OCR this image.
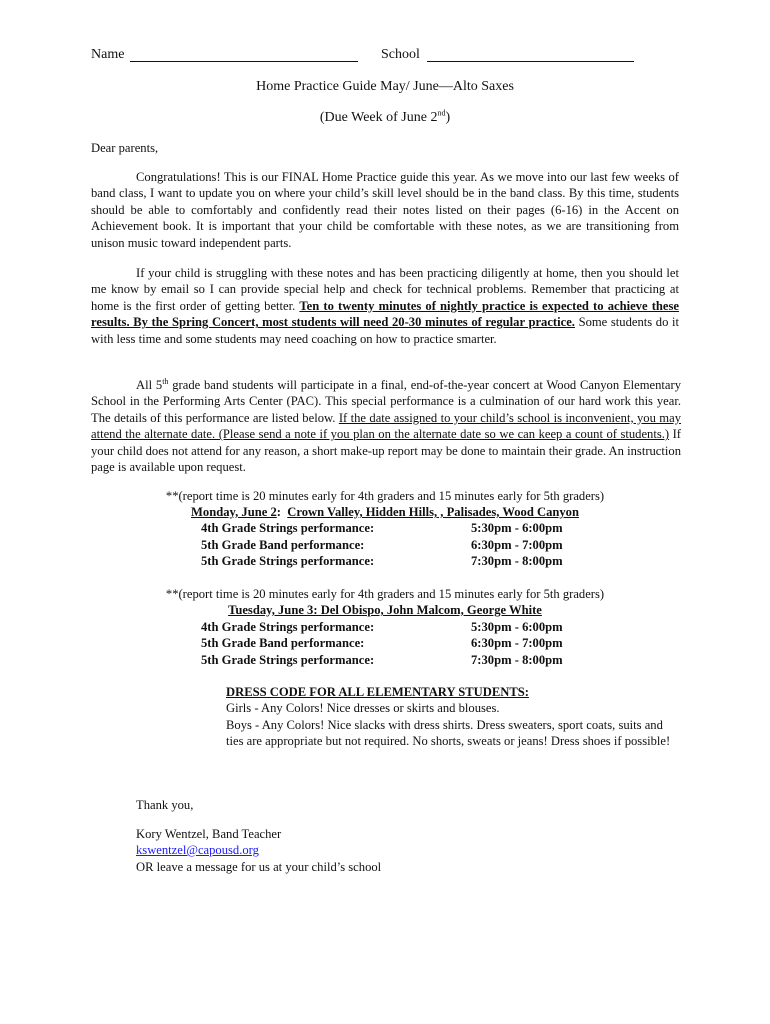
Name	School
Home Practice Guide May/ June—Alto Saxes
(Due Week of June 2nd)
Dear parents,

Congratulations! This is our FINAL Home Practice guide this year. As we move into our last few weeks of band class, I want to update you on where your child’s skill level should be in the band class. By this time, students should be able to comfortably and confidently read their notes listed on their pages (6-16) in the Accent on Achievement book. It is important that your child be comfortable with these notes, as we are transitioning from unison music toward independent parts.

If your child is struggling with these notes and has been practicing diligently at home, then you should let me know by email so I can provide special help and check for technical problems. Remember that practicing at home is the first order of getting better. Ten to twenty minutes of nightly practice is expected to achieve these results. By the Spring Concert, most students will need 20-30 minutes of regular practice. Some students do it with less time and some students may need coaching on how to practice smarter.

All 5th grade band students will participate in a final, end-of-the-year concert at Wood Canyon Elementary School in the Performing Arts Center (PAC). This special performance is a culmination of our hard work this year. The details of this performance are listed below. If the date assigned to your child’s school is inconvenient, you may attend the alternate date. (Please send a note if you plan on the alternate date so we can keep a count of students.) If your child does not attend for any reason, a short make-up report may be done to maintain their grade. An instruction page is available upon request.

**(report time is 20 minutes early for 4th graders and 15 minutes early for 5th graders)
Monday, June 2: Crown Valley, Hidden Hills, , Palisades, Wood Canyon
4th Grade Strings performance:	5:30pm - 6:00pm
5th Grade Band performance:	6:30pm - 7:00pm
5th Grade Strings performance:	7:30pm - 8:00pm
**(report time is 20 minutes early for 4th graders and 15 minutes early for 5th graders)
Tuesday, June 3: Del Obispo, John Malcom, George White
4th Grade Strings performance:	5:30pm - 6:00pm
5th Grade Band performance:	6:30pm - 7:00pm
5th Grade Strings performance:	7:30pm - 8:00pm

DRESS CODE FOR ALL ELEMENTARY STUDENTS:

Girls - Any Colors! Nice dresses or skirts and blouses.

Boys - Any Colors! Nice slacks with dress shirts. Dress sweaters, sport coats, suits and ties are appropriate but not required. No shorts, sweats or jeans! Dress shoes if possible!

Thank you,
Kory Wentzel, Band Teacher
kswentzel@capousd.org
OR leave a message for us at your child’s school
